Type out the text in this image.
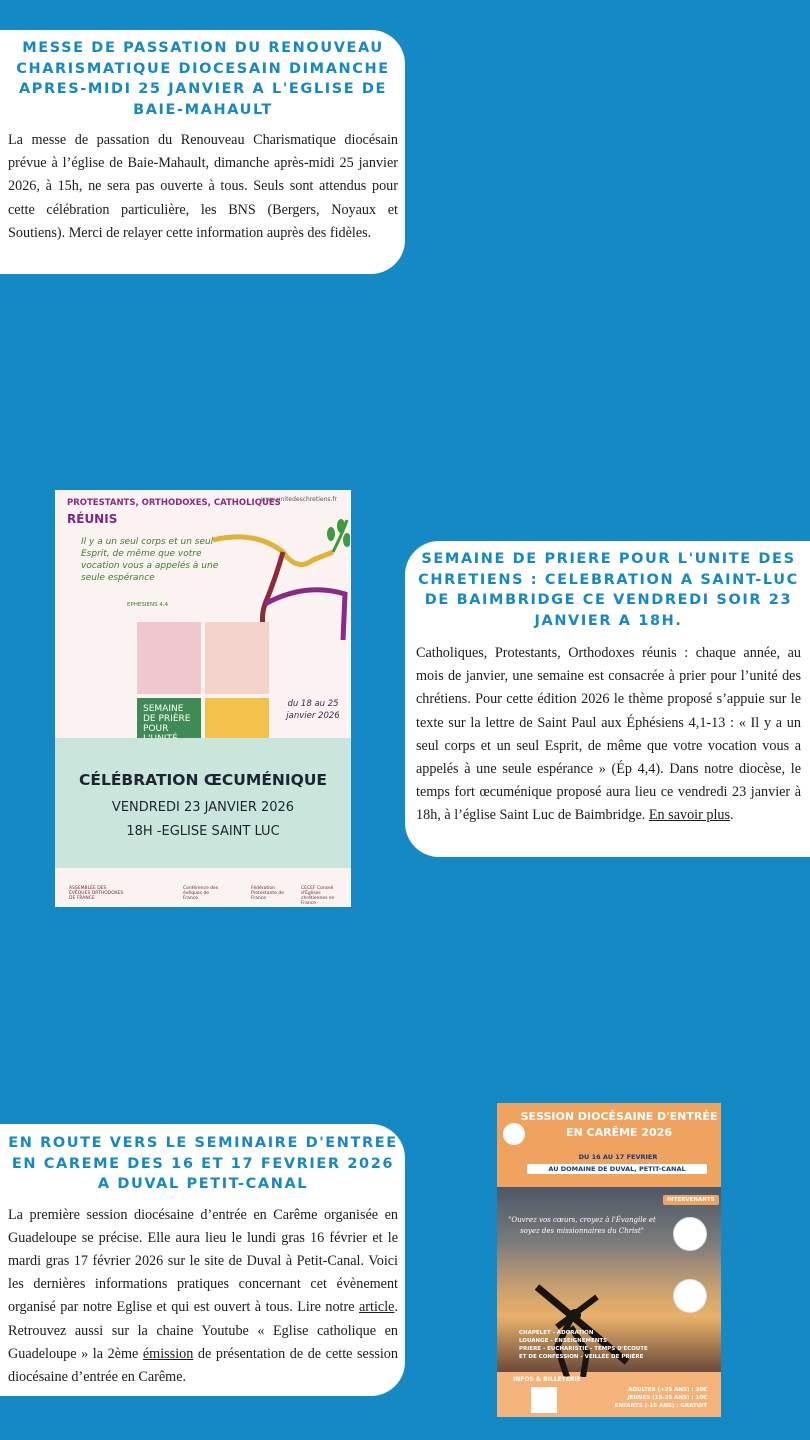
MESSE DE PASSATION DU RENOUVEAU CHARISMATIQUE DIOCESAIN DIMANCHE APRES-MIDI 25 JANVIER A L'EGLISE DE BAIE-MAHAULT

La messe de passation du Renouveau Charismatique diocésain prévue à l’église de Baie-Mahault, dimanche après-midi 25 janvier 2026, à 15h, ne sera pas ouverte à tous. Seuls sont attendus pour cette célébration particulière, les BNS (Bergers, Noyaux et Soutiens). Merci de relayer cette information auprès des fidèles.

PROTESTANTS, ORTHODOXES, CATHOLIQUES
RÉUNIS
www.unitedeschretiens.fr
Il y a un seul corps et un seul Esprit, de même que votre vocation vous a appelés à une seule espérance
EPHESIENS 4,4
SEMAINE DE PRIÈRE POUR
du 18 au 25 janvier 2026
CÉLÉBRATION ŒCUMÉNIQUE
VENDREDI 23 JANVIER 2026
18H -EGLISE SAINT LUC
ASSEMBLÉE DES ÉVÊQUES ORTHODOXES DE FRANCE
Conférence des évêques de France
Fédération Protestante de France
CECEF Conseil d'Églises chrétiennes en France
SEMAINE DE PRIERE POUR L'UNITE DES CHRETIENS : CELEBRATION A SAINT-LUC DE BAIMBRIDGE CE VENDREDI SOIR 23 JANVIER A 18H.

Catholiques, Protestants, Orthodoxes réunis : chaque année, au mois de janvier, une semaine est consacrée à prier pour l’unité des chrétiens. Pour cette édition 2026 le thème proposé s’appuie sur le texte sur la lettre de Saint Paul aux Éphésiens 4,1-13 : « Il y a un seul corps et un seul Esprit, de même que votre vocation vous a appelés à une seule espérance » (Ép 4,4). Dans notre diocèse, le temps fort œcuménique proposé aura lieu ce vendredi 23 janvier à 18h, à l’église Saint Luc de Baimbridge. En savoir plus.

EN ROUTE VERS LE SEMINAIRE D'ENTREE EN CAREME DES 16 ET 17 FEVRIER 2026 A DUVAL PETIT-CANAL

La première session diocésaine d’entrée en Carême organisée en Guadeloupe se précise. Elle aura lieu le lundi gras 16 février et le mardi gras 17 février 2026 sur le site de Duval à Petit-Canal. Voici les dernières informations pratiques concernant cet évènement organisé par notre Eglise et qui est ouvert à tous. Lire notre article. Retrouvez aussi sur la chaine Youtube « Eglise catholique en Guadeloupe » la 2ème émission de présentation de de cette session diocésaine d’entrée en Carême.

SESSION DIOCÉSAINE D'ENTRÉE EN CARÊME 2026
DU 16 AU 17 FEVRIER
AU DOMAINE DE DUVAL, PETIT-CANAL
INTERVENANTS
"Ouvrez vos cœurs, croyez à l'Évangile et soyez des missionnaires du Christ"
CHAPELET - ADORATION
LOUANGE - ENSEIGNEMENTS
PRIERE - EUCHARISTIE - TEMPS D'ÉCOUTE
ET DE CONFESSION - VEILLÉE DE PRIÈRE
INFOS & BILLETERIE
ADULTES (+25 ANS) : 30€
JEUNES (15-25 ANS) : 10€
ENFANTS (-15 ANS) : GRATUIT
